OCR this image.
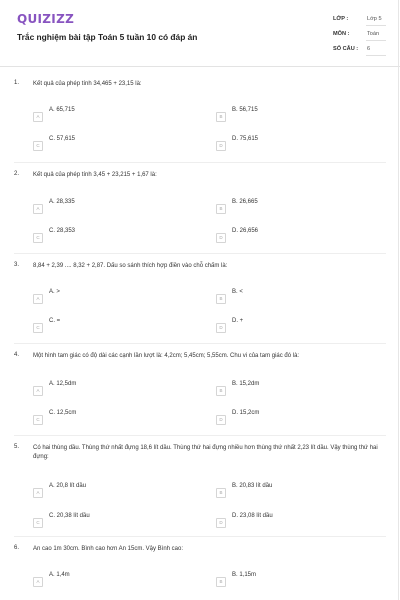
QUIZIZZ
Trắc nghiệm bài tập Toán 5 tuần 10 có đáp án
LỚP :	Lớp 5
MÔN :	Toán
SỐ CÂU : 6
1. Kết quả của phép tính 34,465 + 23,15 là:
A
A. 65,715
B
B. 56,715
C
C. 57,615
D
D. 75,615
2. Kết quả của phép tính 3,45 + 23,215 + 1,67 là:
A
A. 28,335
B
B. 26,665
C
C. 28,353
D
D. 26,656
3. 8,84 + 2,39 .... 8,32 + 2,87. Dấu so sánh thích hợp điền vào chỗ chấm là:
A
A. >
B
B. <
C
C. =
D
D. +
4. Một hình tam giác có độ dài các cạnh lần lượt là: 4,2cm; 5,45cm; 5,55cm. Chu vi của tam giác đó là:
A
A. 12,5dm
B
B. 15,2dm
C
C. 12,5cm
D
D. 15,2cm
5. Có hai thùng dầu. Thùng thứ nhất đựng 18,6 lít dầu. Thùng thứ hai đựng nhiều hơn thùng thứ nhất 2,23 lít dầu. Vậy thùng thứ hai đựng:
A
A. 20,8 lít dầu
B
B. 20,83 lít dầu
C
C. 20,38 lít dầu
D
D. 23,08 lít dầu
6. An cao 1m 30cm. Bình cao hơn An 15cm. Vậy Bình cao:
A
A. 1,4m
B
B. 1,15m
